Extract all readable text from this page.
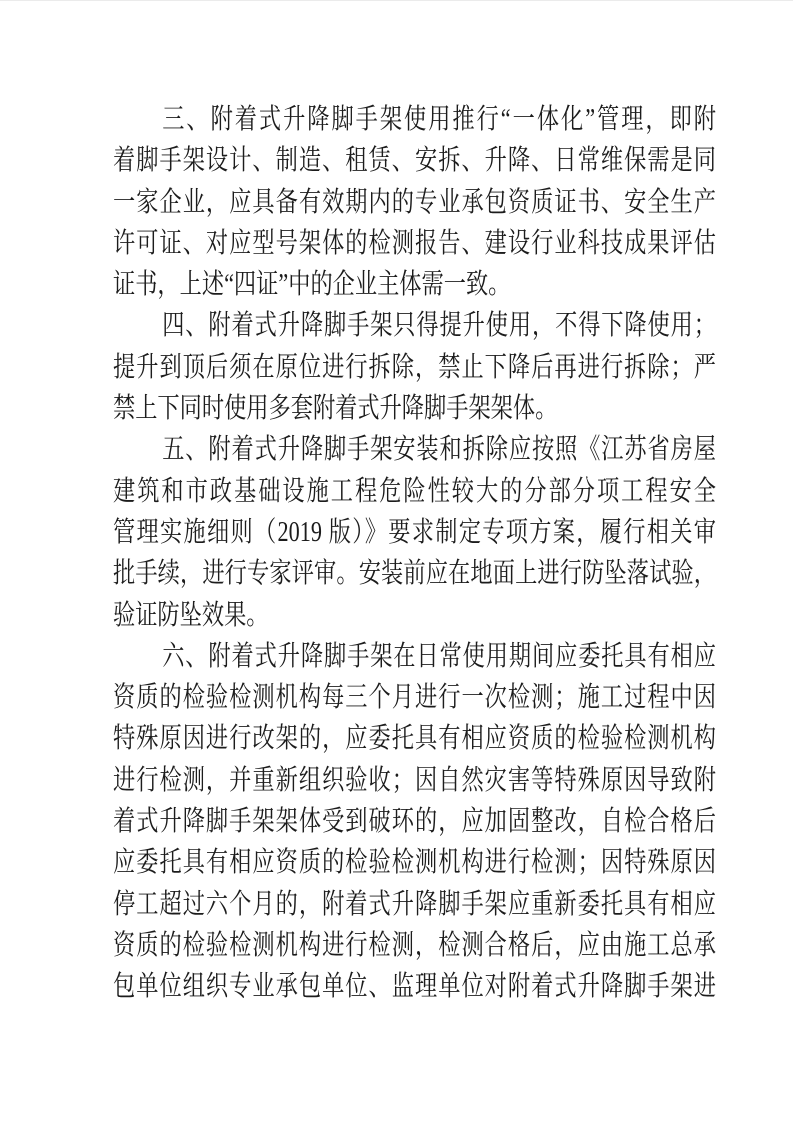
三、附着式升降脚手架使用推行“一体化”管理，即附
着脚手架设计、制造、租赁、安拆、升降、日常维保需是同
一家企业，应具备有效期内的专业承包资质证书、安全生产
许可证、对应型号架体的检测报告、建设行业科技成果评估
证书，上述“四证”中的企业主体需一致。
四、附着式升降脚手架只得提升使用，不得下降使用；
提升到顶后须在原位进行拆除，禁止下降后再进行拆除；严
禁上下同时使用多套附着式升降脚手架架体。
五、附着式升降脚手架安装和拆除应按照《江苏省房屋
建筑和市政基础设施工程危险性较大的分部分项工程安全
管理实施细则（2019 版）》要求制定专项方案，履行相关审
批手续，进行专家评审。安装前应在地面上进行防坠落试验，
验证防坠效果。
六、附着式升降脚手架在日常使用期间应委托具有相应
资质的检验检测机构每三个月进行一次检测；施工过程中因
特殊原因进行改架的，应委托具有相应资质的检验检测机构
进行检测，并重新组织验收；因自然灾害等特殊原因导致附
着式升降脚手架架体受到破环的，应加固整改，自检合格后
应委托具有相应资质的检验检测机构进行检测；因特殊原因
停工超过六个月的，附着式升降脚手架应重新委托具有相应
资质的检验检测机构进行检测，检测合格后，应由施工总承
包单位组织专业承包单位、监理单位对附着式升降脚手架进
